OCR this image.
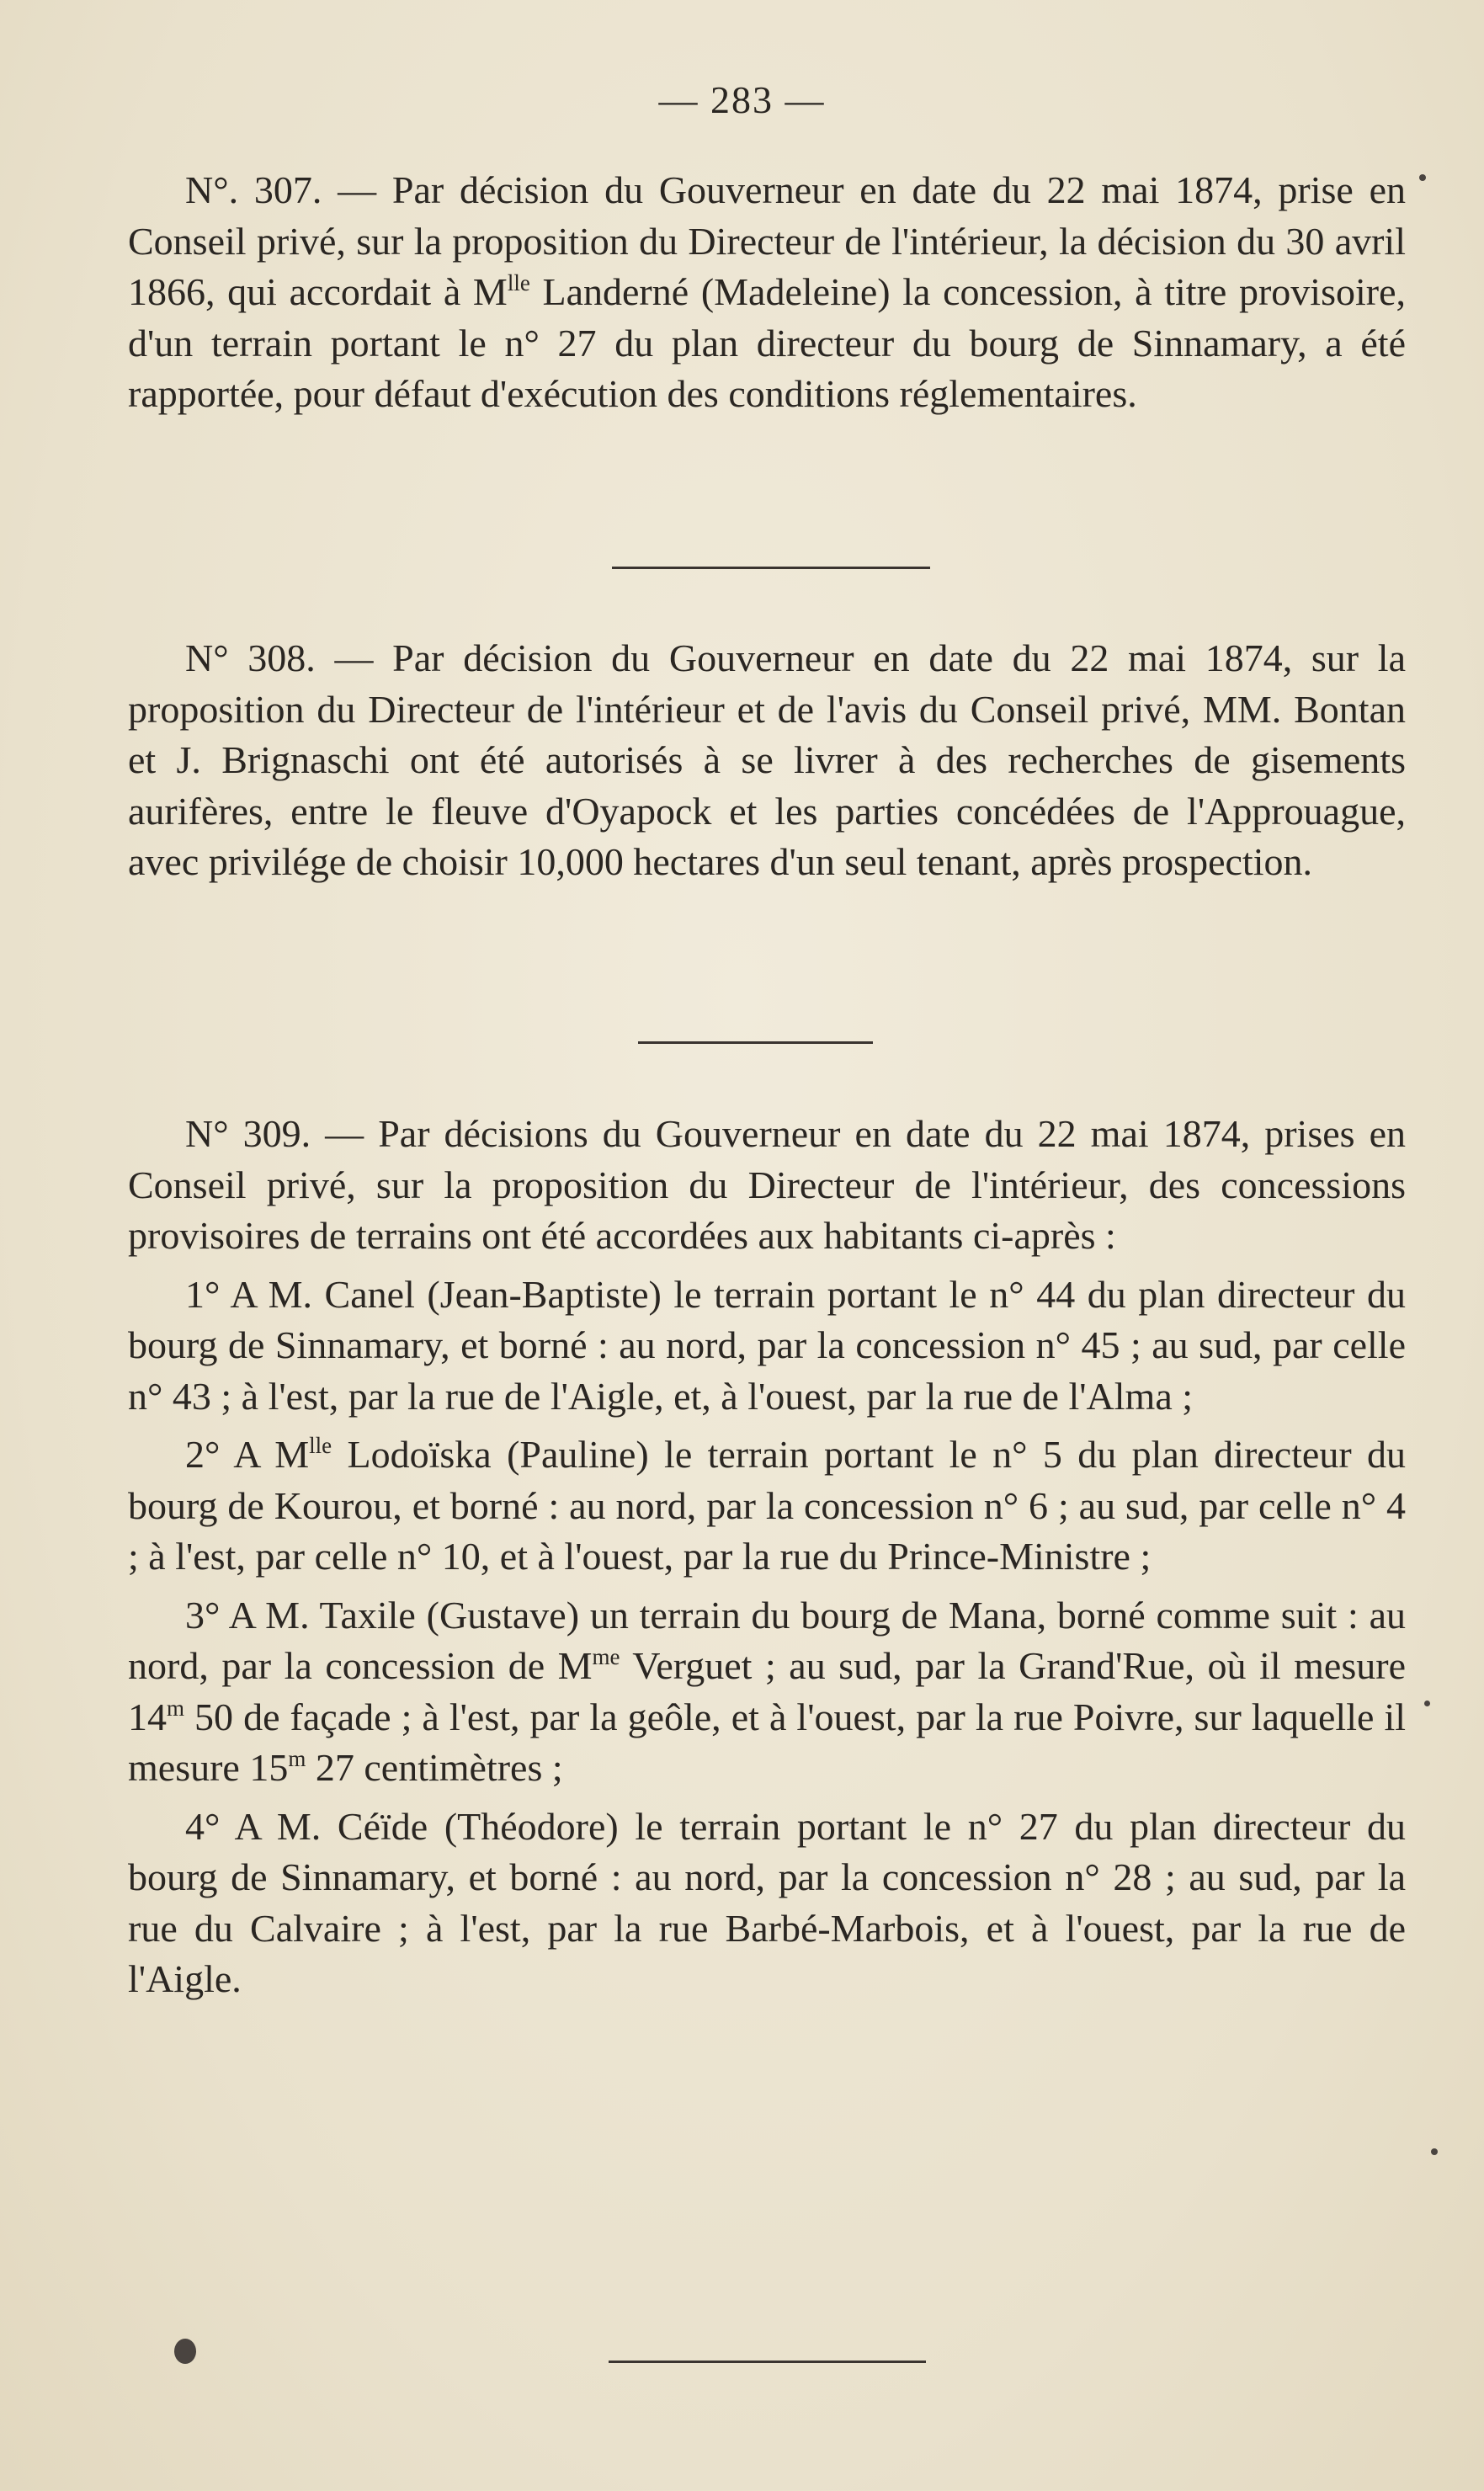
— 283 —

N°. 307. — Par décision du Gouverneur en date du 22 mai 1874, prise en Conseil privé, sur la proposition du Directeur de l'intérieur, la décision du 30 avril 1866, qui accordait à $M^{lle}$ Landerné (Madeleine) la concession, à titre provisoire, d'un terrain portant le n° 27 du plan directeur du bourg de Sinnamary, a été rapportée, pour défaut d'exécution des conditions réglementaires.

N° 308. — Par décision du Gouverneur en date du 22 mai 1874, sur la proposition du Directeur de l'intérieur et de l'avis du Conseil privé, MM. Bontan et J. Brignaschi ont été autorisés à se livrer à des recherches de gisements aurifères, entre le fleuve d'Oyapock et les parties concédées de l'Approuague, avec privilége de choisir 10,000 hectares d'un seul tenant, après prospection.

N° 309. — Par décisions du Gouverneur en date du 22 mai 1874, prises en Conseil privé, sur la proposition du Directeur de l'intérieur, des concessions provisoires de terrains ont été accordées aux habitants ci-après :

1° A M. Canel (Jean-Baptiste) le terrain portant le n° 44 du plan directeur du bourg de Sinnamary, et borné : au nord, par la concession n° 45 ; au sud, par celle n° 43 ; à l'est, par la rue de l'Aigle, et, à l'ouest, par la rue de l'Alma ;

2° A $M^{lle}$ Lodoïska (Pauline) le terrain portant le n° 5 du plan directeur du bourg de Kourou, et borné : au nord, par la concession n° 6 ; au sud, par celle n° 4 ; à l'est, par celle n° 10, et à l'ouest, par la rue du Prince-Ministre ;

3° A M. Taxile (Gustave) un terrain du bourg de Mana, borné comme suit : au nord, par la concession de $M^{me}$ Verguet ; au sud, par la Grand'Rue, où il mesure 14$^m$ 50 de façade ; à l'est, par la geôle, et à l'ouest, par la rue Poivre, sur laquelle il mesure 15$^m$ 27 centimètres ;

4° A M. Céïde (Théodore) le terrain portant le n° 27 du plan directeur du bourg de Sinnamary, et borné : au nord, par la concession n° 28 ; au sud, par la rue du Calvaire ; à l'est, par la rue Barbé-Marbois, et à l'ouest, par la rue de l'Aigle.
